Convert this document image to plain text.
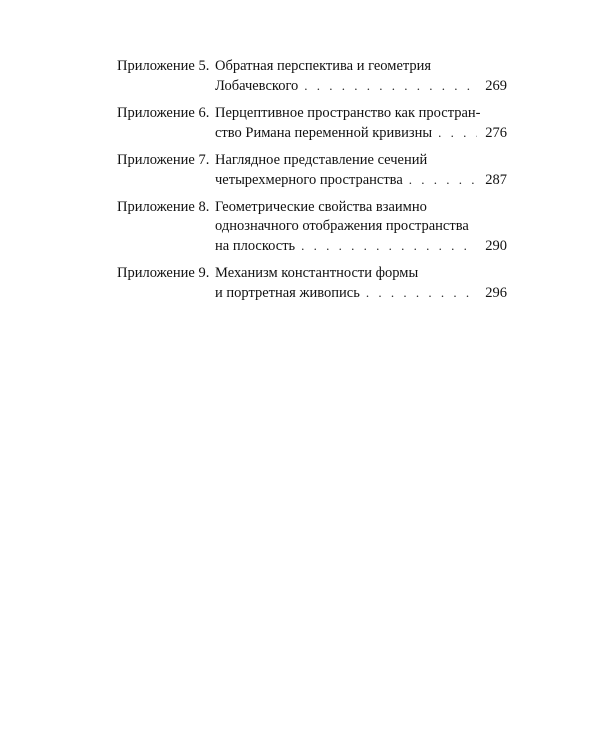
Приложение 5. Обратная перспектива и геометрия
Лобачевского . . .	269
Приложение 6. Перцептивное пространство как простран-
ство Римана переменной кривизны . . .	276
Приложение 7. Наглядное представление сечений
четырехмерного пространства . . .	287
Приложение 8. Геометрические свойства взаимно
однозначного отображения пространства
на плоскость . . .	290
Приложение 9. Механизм константности формы
и портретная живопись . . .	296
